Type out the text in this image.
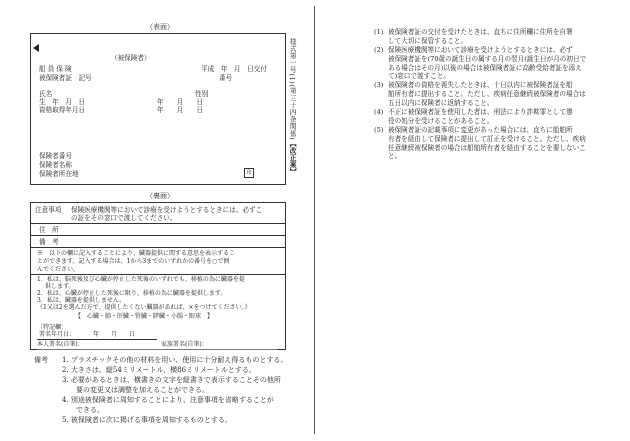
（表面）
（被保険者）
船 員 保 険
被保険者証　記号
平成　年　月　日交付
番号
氏名	性別
生　年　月　日	年　　月　　日
資格取得年月日	年　　月　　日
保険者番号
保険者名称
保険者所在地	印
様式第一号(1)(第三十四条関係)
【改正案】
（裏面）
注意事項 保険医療機関等において診療を受けようとするときには、必ずこ
の証をその窓口で渡してください。
住　所
備　考
※　以下の欄に記入することにより、臓器提供に関する意思を表示するこ
とができます。記入する場合は、1から3までのいずれかの番号を○で囲
んでください。
1．私は、脳死後及び心臓が停止した死後のいずれでも、移植の為に臓器を提
供します。
2．私は、心臓が停止した死後に限り、移植の為に臓器を提供します。
3．私は、臓器を提供しません。
《1又は2を選んだ方で、提供したくない臓器があれば、×をつけてください。》
【　心臓・肺・肝臓・腎臓・膵臓・小腸・眼球　】
〔特記欄：
署名年月日：	年　　月　　日
本人署名(自筆)：	家族署名(自筆)：
備考 1. プラスチックその他の材料を用い、使用に十分耐え得るものとする。
2. 大きさは、縦54ミリメートル、横86ミリメートルとする。
3. 必要があるときは、横書きの文字を縦書きで表示することその他所
　　要の変更又は調整を加えることができる。
4. 別途被保険者に周知することにより、注意事項を省略することが
　　できる。
5. 被保険者に次に掲げる事項を周知するものとする。
(1) 被保険者証の交付を受けたときは、直ちに住所欄に住所を自署
して大切に保管すること。
(2) 保険医療機関等において診療を受けようとするときには、必ず
被保険者証を(70歳の誕生日の属する月の翌月(誕生日が月の初日で
ある場合はその月)以後の場合は被保険者証に高齢受給者証を添え
て)窓口で渡すこと。
(3) 被保険者の資格を喪失したときは、十日以内に被保険者証を船
舶所有者に提出すること。ただし、疾病任意継続被保険者の場合は
五日以内に保険者に返納すること。
(4) 不正に被保険者証を使用した者は、刑法により詐欺罪として懲
役の処分を受けることがあること。
(5) 被保険者証の記載事項に変更があった場合には、直ちに船舶所
有者を経由して保険者に提出して訂正を受けること。ただし、疾病
任意継続被保険者の場合は船舶所有者を経由することを要しないこ
と。
